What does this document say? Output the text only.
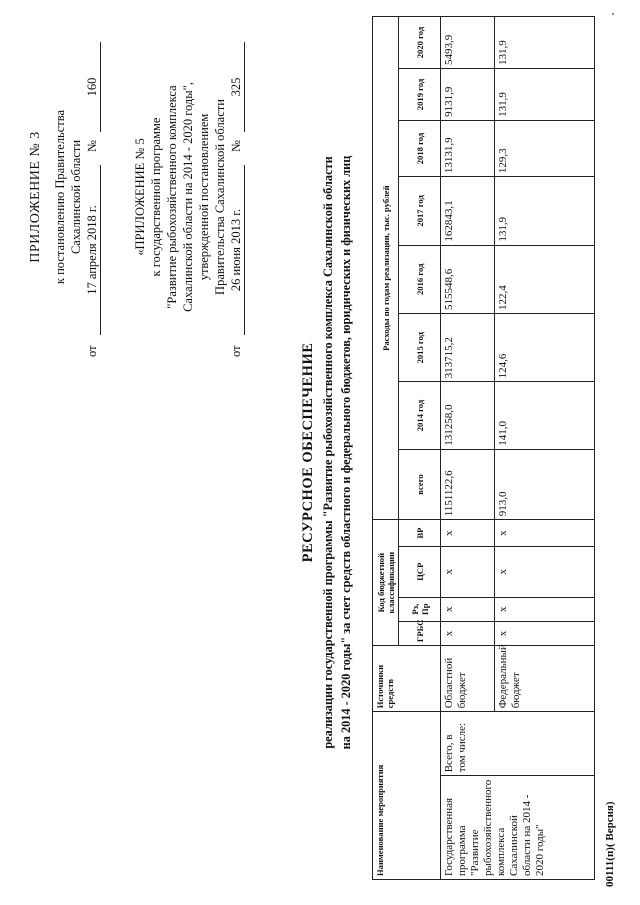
ПРИЛОЖЕНИЕ № 3 к постановлению Правительства Сахалинской области
от
17 апреля 2018 г.
№
160
«ПРИЛОЖЕНИЕ № 5 к государственной программе "Развитие рыбохозяйственного комплекса Сахалинской области на 2014 - 2020 годы", утвержденной постановлением Правительства Сахалинской области
от
26 июня 2013 г.
№
325
РЕСУРСНОЕ ОБЕСПЕЧЕНИЕ реализации государственной программы "Развитие рыбохозяйственного комплекса Сахалинской области на 2014 - 2020 годы" за счет средств областного и федерального бюджетов, юридических и физических лиц
Наименование мероприятия		Источники средств	Код бюджетной классификации				Расходы по годам реализации, тыс. рублей							
			ГРБС	Рз, Пр	ЦСР	ВР	всего	2014 год	2015 год	2016 год	2017 год	2018 год	2019 год	2020 год
Государственная программа "Развитие рыбохозяйственного комплекса Сахалинской области на 2014 - 2020 годы"	Всего, в том числе:	Областной бюджет	х	х	х	х	1151122,6	131258,0	313715,2	515548,6	162843,1	13131,9	9131,9	5493,9
		Федеральный бюджет	х	х	х	х	913,0	141,0	124,6	122,4	131,9	129,3	131,9	131,9
00111(п)( Версия)
